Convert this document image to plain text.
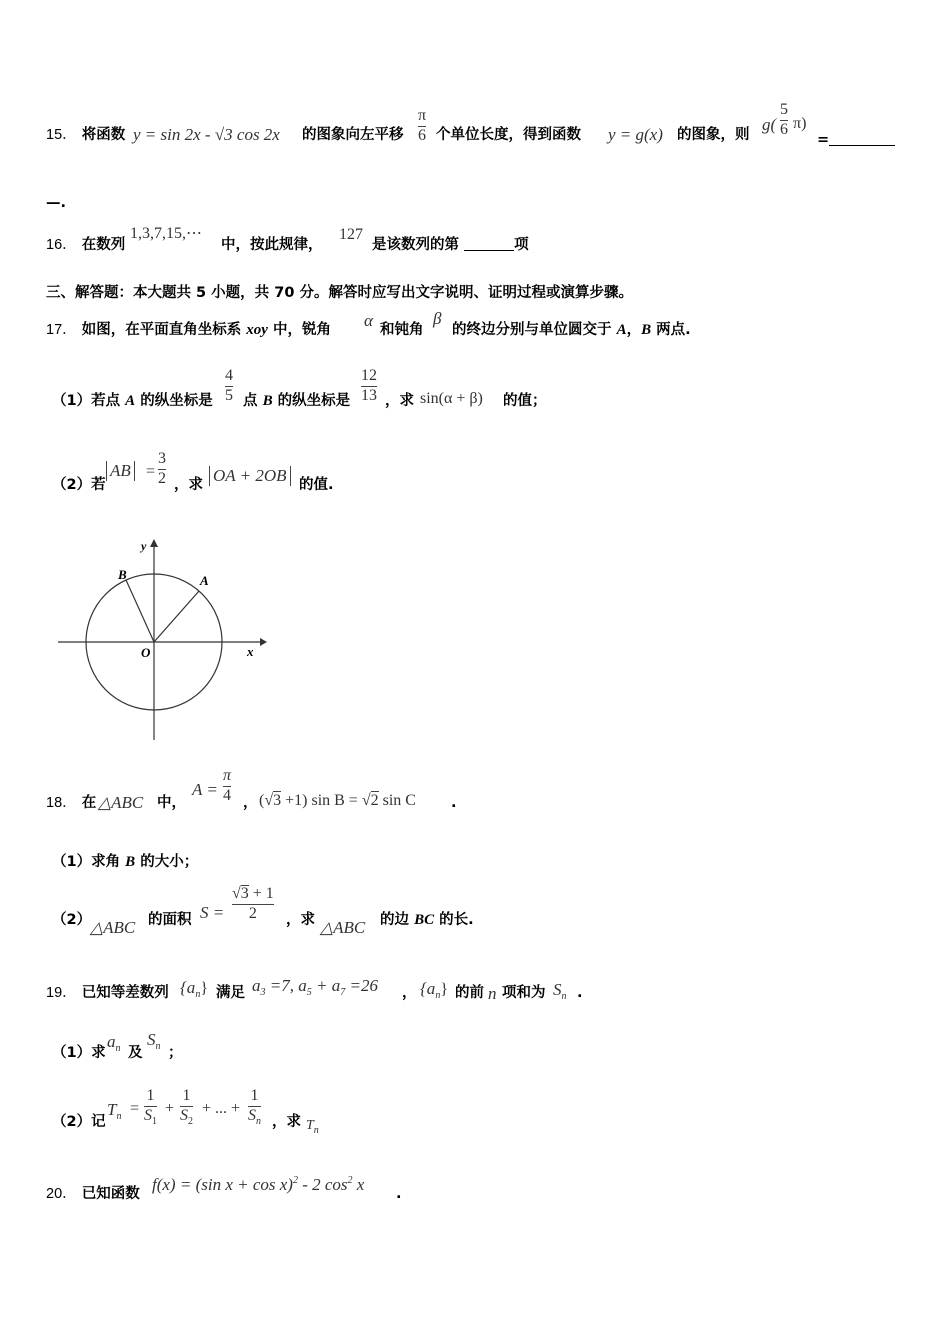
15． 将函数 y = sin 2x - √3 cos 2x 的图象向左平移
π
6 个单位长度，得到函数 y = g(x) 的图象，则
g(
5
6 π)
=
—.
16． 在数列
1,3,7,15,⋯
中，按此规律，
127
是该数列的第	项
三、解答题：本大题共 5 小题，共 70 分。解答时应写出文字说明、证明过程或演算步骤。
17． 如图，在平面直角坐标系 xoy 中，锐角 α 和钝角
β
的终边分别与单位圆交于 A，B 两点.
（1）若点 A 的纵坐标是
4
5 点 B 的纵坐标是
12
13 ，求 sin(α + β) 的值；
（2）若
AB =
3
2 ，求 OA + 2OB 的值.
y
x
O
A
B
18． 在 △ABC 中，
A =
π
4 ， (√3 +1) sin B = √2 sin C .
（1）求角 B 的大小；
（2）
△ABC 的面积 S =
√3 + 1
2 ，求 △ABC 的边 BC 的长.
19． 已知等差数列 $\{a_n\}$ 满足 $a_3 =7$, $a_5 + a_7 =26$ ， $\{a_n\}$ 的前 n 项和为 $S_n$ .
（1）求
$a_n$ 及
$S_n$ ；
（2）记
$T_n$ =
1
$S_1$
+
1
$S_2$
+ ... +
1
$S_n$ ，求 $T_n$
20． 已知函数 f(x) = (sin x + cos x)$^2$ - 2 $\cos^2 x$ .
